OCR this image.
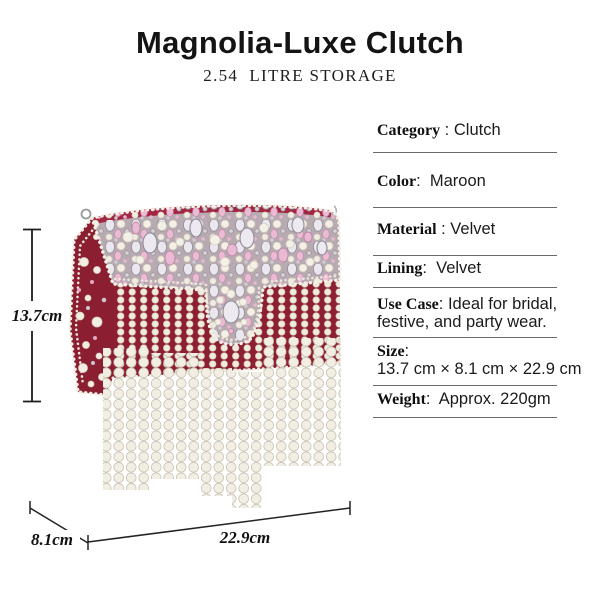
Magnolia-Luxe Clutch
2.54  LITRE STORAGE
13.7cm
8.1cm	22.9cm
Category : Clutch
Color:  Maroon
Material : Velvet
Lining:  Velvet
Use Case: Ideal for bridal, festive, and party wear.
Size:
13.7 cm × 8.1 cm × 22.9 cm
Weight:  Approx. 220gm
